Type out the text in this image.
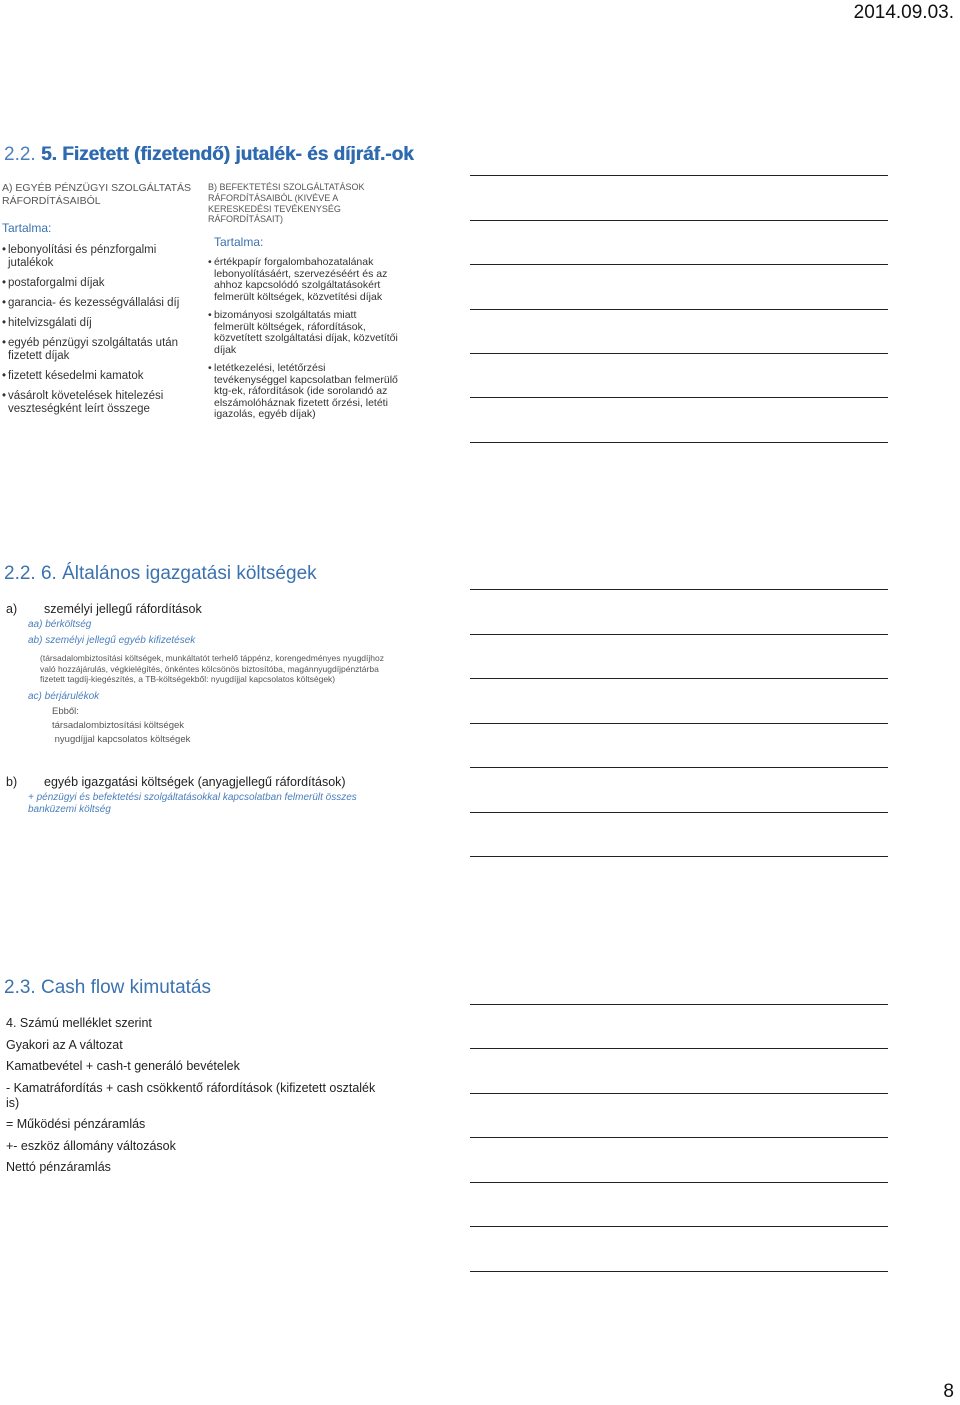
2014.09.03.
2.2. 5. Fizetett (fizetendő) jutalék- és díjráf.-ok
A) EGYÉB PÉNZÜGYI SZOLGÁLTATÁS RÁFORDÍTÁSAIBÓL
Tartalma:
• lebonyolítási és pénzforgalmi jutalékok
• postaforgalmi díjak
• garancia- és kezességvállalási díj
• hitelvizsgálati díj
• egyéb pénzügyi szolgáltatás után fizetett díjak
• fizetett késedelmi kamatok
• vásárolt követelések hitelezési veszteségként leírt összege
B) BEFEKTETÉSI SZOLGÁLTATÁSOK RÁFORDÍTÁSAIBÓL (KIVÉVE A KERESKEDÉSI TEVÉKENYSÉG RÁFORDÍTÁSAIT)
Tartalma:
• értékpapír forgalombahozatalának lebonyolításáért, szervezéséért és az ahhoz kapcsolódó szolgáltatásokért felmerült költségek, közvetítési díjak
• bizományosi szolgáltatás miatt felmerült költségek, ráfordítások, közvetített szolgáltatási díjak, közvetítői díjak
• letétkezelési, letétőrzési tevékenységgel kapcsolatban felmerülő ktg-ek, ráfordítások (ide sorolandó az elszámolóháznak fizetett őrzési, letéti igazolás, egyéb díjak)
2.2. 6. Általános igazgatási költségek
a)	személyi jellegű ráfordítások
aa) bérköltség
ab) személyi jellegű egyéb kifizetések
(társadalombiztosítási költségek, munkáltatót terhelő táppénz, korengedményes nyugdíjhoz való hozzájárulás, végkielégítés, önkéntes kölcsönös biztosítóba, magánnyugdíjpénztárba fizetett tagdíj-kiegészítés, a TB-költségekből: nyugdíjjal kapcsolatos költségek)
ac) bérjárulékok
Ebből:
társadalombiztosítási költségek
nyugdíjjal kapcsolatos költségek
b)	egyéb igazgatási költségek (anyagjellegű ráfordítások)
+ pénzügyi és befektetési szolgáltatásokkal kapcsolatban felmerült összes banküzemi költség
2.3. Cash flow kimutatás
4. Számú melléklet szerint
Gyakori az A változat
Kamatbevétel + cash-t generáló bevételek
- Kamatráfordítás + cash csökkentő ráfordítások (kifizetett osztalék is)
= Működési pénzáramlás
+- eszköz állomány változások
Nettó pénzáramlás
8
